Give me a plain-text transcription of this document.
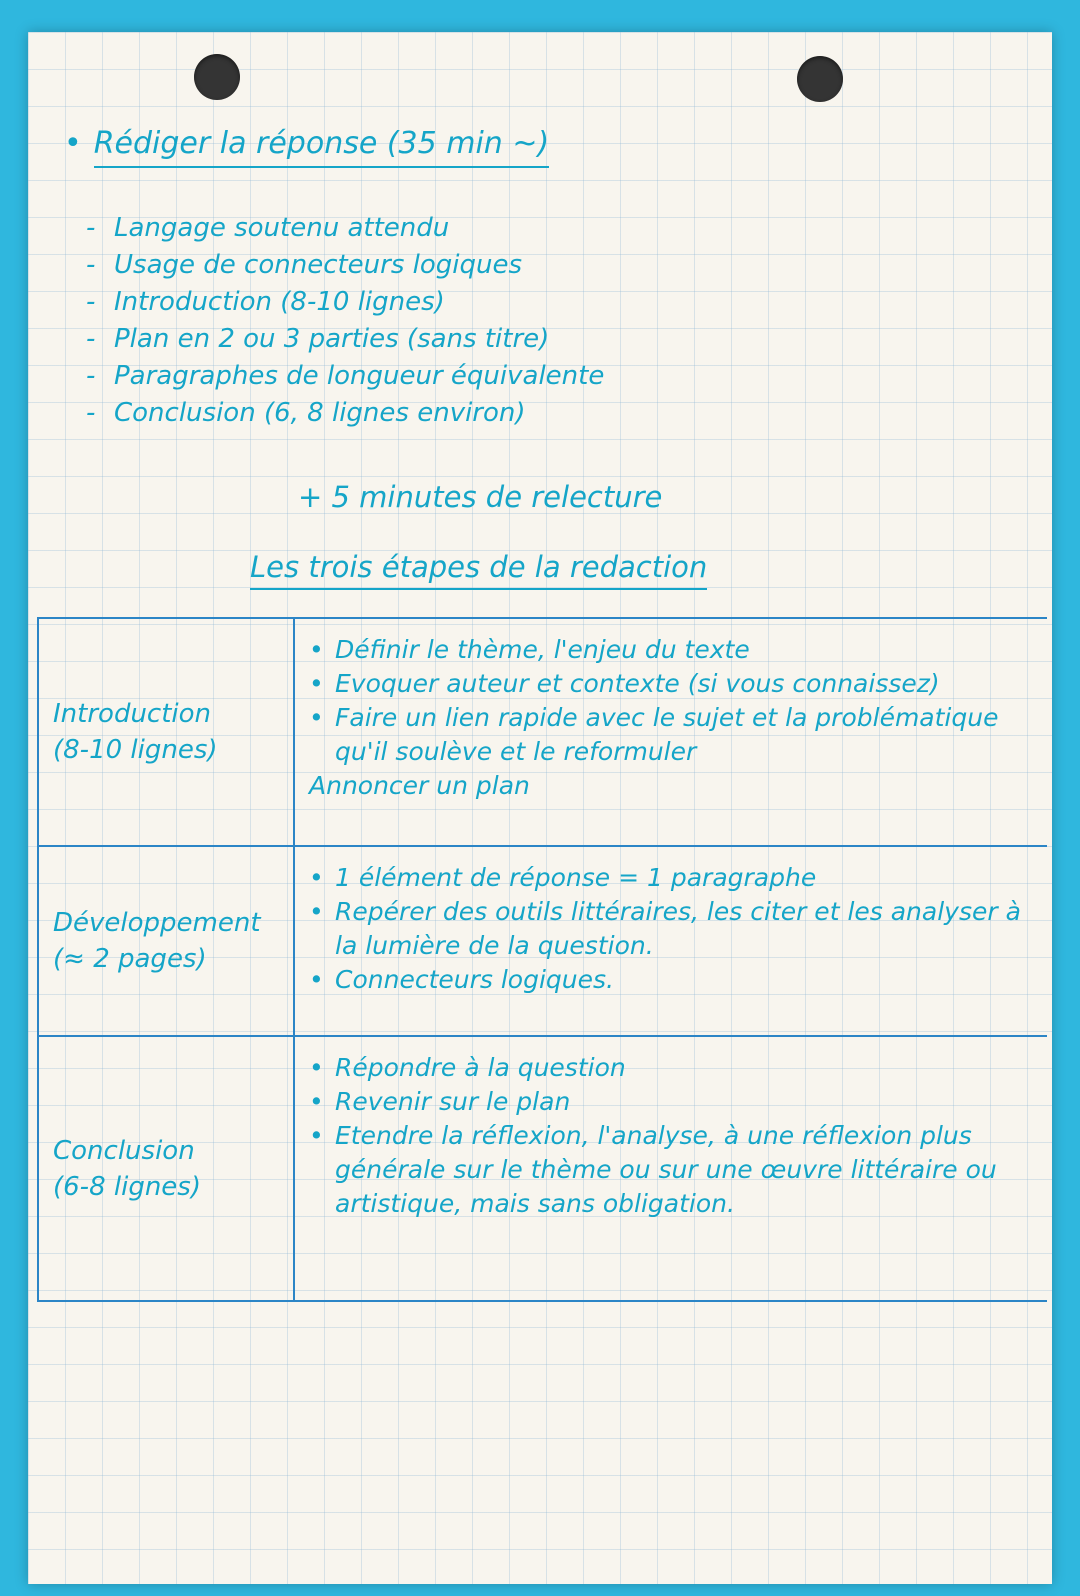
• Rédiger la réponse (35 min ~)
- Langage soutenu attendu
- Usage de connecteurs logiques
- Introduction (8-10 lignes)
- Plan en 2 ou 3 parties (sans titre)
- Paragraphes de longueur équivalente
- Conclusion (6, 8 lignes environ)
+ 5 minutes de relecture
Les trois étapes de la redaction
Introduction
(8-10 lignes)
• Définir le thème, l'enjeu du texte
• Evoquer auteur et contexte (si vous connaissez)
• Faire un lien rapide avec le sujet et la problématique qu'il soulève et le reformuler
Annoncer un plan
Développement
(≈ 2 pages)
• 1 élément de réponse = 1 paragraphe
• Repérer des outils littéraires, les citer et les analyser à la lumière de la question.
• Connecteurs logiques.
Conclusion
(6-8 lignes)
• Répondre à la question
• Revenir sur le plan
• Etendre la réflexion, l'analyse, à une réflexion plus générale sur le thème ou sur une œuvre littéraire ou artistique, mais sans obligation.
